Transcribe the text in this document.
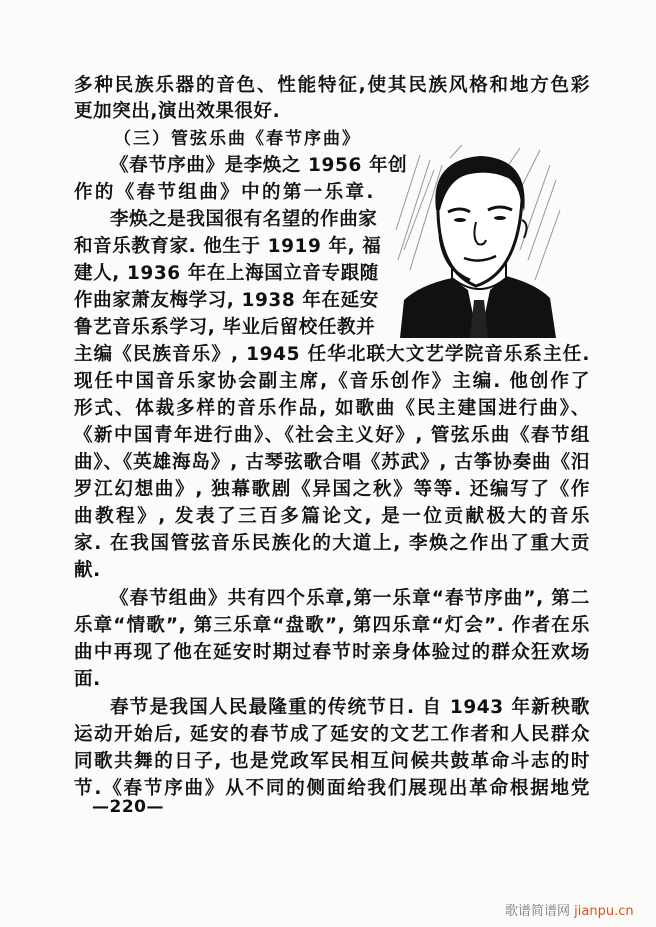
多种民族乐器的音色、性能特征,使其民族风格和地方色彩
更加突出,演出效果很好.
（三）管弦乐曲《春节序曲》
《春节序曲》是李焕之 1956 年创
作的《春节组曲》中的第一乐章.
李焕之是我国很有名望的作曲家
和音乐教育家. 他生于 1919 年, 福
建人, 1936 年在上海国立音专跟随
作曲家萧友梅学习, 1938 年在延安
鲁艺音乐系学习, 毕业后留校任教并
主编《民族音乐》, 1945 任华北联大文艺学院音乐系主任.
现任中国音乐家协会副主席,《音乐创作》主编. 他创作了
形式、体裁多样的音乐作品, 如歌曲《民主建国进行曲》、
《新中国青年进行曲》、《社会主义好》, 管弦乐曲《春节组
曲》、《英雄海岛》, 古琴弦歌合唱《苏武》, 古筝协奏曲《汨
罗江幻想曲》, 独幕歌剧《异国之秋》等等. 还编写了《作
曲教程》, 发表了三百多篇论文, 是一位贡献极大的音乐
家. 在我国管弦音乐民族化的大道上, 李焕之作出了重大贡
献.
《春节组曲》共有四个乐章,第一乐章“春节序曲”, 第二
乐章“情歌”, 第三乐章“盘歌”, 第四乐章“灯会”. 作者在乐
曲中再现了他在延安时期过春节时亲身体验过的群众狂欢场
面.
春节是我国人民最隆重的传统节日. 自 1943 年新秧歌
运动开始后, 延安的春节成了延安的文艺工作者和人民群众
同歌共舞的日子, 也是党政军民相互问候共鼓革命斗志的时
节.《春节序曲》从不同的侧面给我们展现出革命根据地党
—220—
歌谱简谱网 jianpu.cn
